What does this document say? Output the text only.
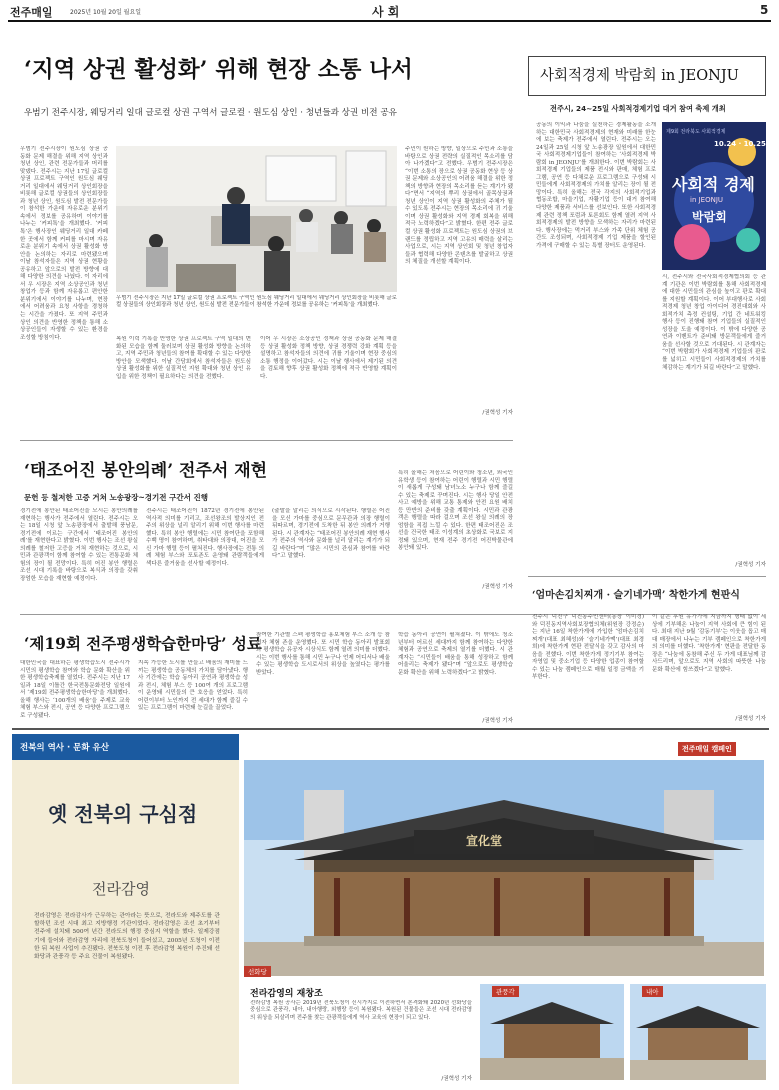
전주매일	2025년 10월 20일 월요일	사 회	5
‘지역 상권 활성화’ 위해 현장 소통 나서
우범기 전주시장, 웨딩거리 일대 글로컬 상권 구역서 글로컬 · 원도심 상인 · 청년들과 상권 비전 공유
우범기 전주시장이 원도심 상권 공동화 문제 해결을 위해 지역 상인과 청년 상인, 관련 전문가들과 머리를 맞댔다. 전주시는 지난 17일 글로컬 상권 프로젝트 구역인 원도심 웨딩거리 일대에서 웨딩거리 상인회장을 비롯해 글로컬 상권들의 상인회장들과 청년 상인, 원도심 발전 전문가들이 참석한 가운데 자유로운 분위기 속에서 정보를 공유하며 이야기를 나누는 ‘커피톡’을 개최했다. ‘커피톡’은 행사장인 웨딩거리 일대 카페 한 곳에서 함께 커피를 마시며 자유로운 분위기 속에서 상권 활성화 방안을 논의하는 자리로 마련됐으며 이날 참석자들은 지역 상권 현황을 공유하고 앞으로의 발전 방향에 대해 다양한 의견을 나눴다. 이 자리에서 우 시장은 지역 소상공인과 청년 창업가 등과 함께 자유롭고 편안한 분위기에서 이야기를 나누며, 현장에서 어려움과 요청 사항을 경청하는 시간을 가졌다. 또 지역 주민과 상인 의견을 반영한 정책을 통해 소상공인들이 자생할 수 있는 환경을 조성할 방침이다.
우범기 전주시장은 지난 17일 글로컬 상권 프로젝트 구역인 원도심 웨딩거리 일대에서 웨딩거리 상인회장을 비롯해 글로컬 상권들의 상인회장과 청년 상인, 원도심 발전 전문가들이 참석한 가운데 정보를 공유하는 ‘커피톡’을 개최했다.
복원 이력 기록을 반영한 상권 프로젝트 구역 일대의 변화된 모습을 함께 둘러보며 상권 활성화 방향을 논의하고, 지역 주민과 청년들의 참여를 확대할 수 있는 다양한 방안을 모색했다. 이날 간담회에서 참석자들은 원도심 상권 활성화를 위한 실질적인 지원 확대와 청년 상인 유입을 위한 정책이 필요하다는 의견을 전했다.
이어 우 시장은 소상공인 정책과 상권 공동화 문제 해결 등 상권 활성화 정책 방향, 상권 경쟁력 강화 계획 등을 설명하고 참석자들의 의견에 귀를 기울이며 현장 중심의 소통 행정을 이어갔다. 시는 이날 행사에서 제기된 의견을 검토해 향후 상권 활성화 정책에 적극 반영할 계획이다.
주민이 원하는 방향, 일상으로 주민과 소통을 바탕으로 상권 전략의 실질적인 목소리를 담아 나가겠다”고 전했다. 우범기 전주시장은 “이번 소통의 장으로 상권 공동화 현상 등 상권 문제와 소상공인의 어려움 해결을 위한 정책의 방향과 현장의 목소리를 듣는 계기가 됐다”면서 “지역의 뿌리 상권에서 골목상권과 청년 상인이 지역 상권 활성화의 주체가 될 수 있도록 전주시는 현장의 목소리에 귀 기울이며 상권 활성화와 지역 경제 회복을 위해 적극 노력하겠다”고 밝혔다. 한편 전주 글로컬 상권 활성화 프로젝트는 원도심 상권의 브랜드를 정립하고 지역 고유의 매력을 살리는 사업으로, 시는 지역 상인회 및 청년 창업자들과 협력해 다양한 콘텐츠를 발굴하고 상권의 체질을 개선할 계획이다.
/권혁성 기자
‘태조어진 봉안의례’ 전주서 재현
문헌 등 철저한 고증 거쳐 노송광장~경기전 구간서 진행
경기전에 봉안된 태조어진을 모시는 봉안의례를 재현하는 행사가 전주에서 열린다. 전주시는 오는 18일 시청 앞 노송광장에서 출발해 풍남문, 경기전에 이르는 구간에서 ‘태조어진 봉안의례’를 재현한다고 밝혔다. 이번 행사는 조선 왕실 의례를 철저한 고증을 거쳐 재현하는 것으로, 시민과 관광객이 함께 참여할 수 있는 전통문화 체험의 장이 될 전망이다. 특히 어진 봉안 행렬은 조선 시대 기록을 바탕으로 복식과 의장을 갖춰 장엄한 모습을 재현할 예정이다.
전주시는 태조어진이 1872년 경기전에 봉안된 역사적 의미를 기리고, 조선왕조의 발상지인 전주의 위상을 널리 알리기 위해 이번 행사를 마련했다. 특히 봉안 행렬에는 시민 참여단을 포함해 수백 명이 참여하며, 취타대와 의장대, 어진을 모신 가마 행렬 등이 펼쳐진다. 행사장에는 전통 의례 체험 부스와 포토존도 운영돼 관람객들에게 색다른 즐거움을 선사할 예정이다.
(출발을 알리는 의식으로 시작된다. 행렬은 어진을 모신 가마를 중심으로 문무관과 의장 행렬이 뒤따르며, 경기전에 도착한 뒤 봉안 의례가 거행된다. 시 관계자는 “태조어진 봉안의례 재현 행사가 전주의 역사와 문화를 널리 알리는 계기가 되길 바란다”며 “많은 시민의 관심과 참여를 바란다”고 말했다.
특히 올해는 처음으로 어린이와 청소년, 외국인 유학생 등이 참여하는 어린이 행렬과 시민 행렬이 새롭게 구성돼 남녀노소 누구나 함께 즐길 수 있는 축제로 꾸며진다. 시는 행사 당일 안전사고 예방을 위해 교통 통제와 안전 요원 배치 등 만반의 준비를 갖출 계획이다. 시민과 관광객은 행렬을 따라 걸으며 조선 왕실 의례의 장엄함을 직접 느낄 수 있다. 한편 태조어진은 조선을 건국한 태조 이성계의 초상화로 국보로 지정돼 있으며, 현재 전주 경기전 어진박물관에 봉안돼 있다.
/권혁성 기자
사회적경제 박람회 in JEONJU
전주시, 24~25일 사회적경제기업 대거 참여 축제 개최
공동의 이익과 나눔을 실천하는 경제활동을 소개하는 대한민국 사회적경제의 현재와 미래를 한눈에 보는 축제가 전주에서 열린다. 전주시는 오는 24일과 25일 시청 앞 노송광장 일원에서 대한민국 사회적경제기업들이 참여하는 ‘사회적경제 박람회 in JEONJU’를 개최한다. 이번 박람회는 사회적경제 기업들의 제품 전시와 판매, 체험 프로그램, 공연 등 다채로운 프로그램으로 구성돼 시민들에게 사회적경제의 가치를 알리는 장이 될 전망이다. 특히 올해는 전국 각지의 사회적기업과 협동조합, 마을기업, 자활기업 등이 대거 참여해 다양한 제품과 서비스를 선보인다. 또한 사회적경제 관련 정책 포럼과 토론회도 함께 열려 지역 사회적경제의 발전 방향을 모색하는 자리가 마련된다. 행사장에는 먹거리 부스와 가족 단위 체험 공간도 조성되며, 사회적경제 기업 제품을 할인된 가격에 구매할 수 있는 특별 장터도 운영된다.
제9회 전라북도 사회적경제
10.24 · 10.25
사회적 경제
in JEONJU
박람회
시, 전주시와 전국사회적경제협의회 등 관계 기관은 이번 박람회를 통해 사회적경제에 대한 시민들의 관심을 높이고 판로 확대를 지원할 계획이다. 이어 부대행사로 사회적경제 청년 창업 아이디어 경진대회와 사회적가치 측정 컨설팅, 기업 간 네트워킹 행사 등이 진행돼 참여 기업들의 실질적인 성장을 도울 예정이다. 이 밖에 다양한 공연과 이벤트가 준비돼 방문객들에게 즐거움을 선사할 것으로 기대된다. 시 관계자는 “이번 박람회가 사회적경제 기업들의 판로를 넓히고 시민들이 사회적경제의 가치를 체감하는 계기가 되길 바란다”고 말했다.
/권혁성 기자
‘엄마손김치찌개 · 슬기네가맥’ 착한가게 현판식
전주시 덕진구 덕진동주민센터(동장 이미경)와 덕진동지역사회보장협의체(위원장 강정순)는 지난 16일 착한가게에 가입한 ‘엄마손김치찌개’(대표 최혜성)와 ‘슬기네가맥’(대표 최경희)에 착한가게 현판 전달식을 갖고 감사의 마음을 전했다. 이번 착한가게 정기기부 참여는 자영업 및 중소기업 등 다양한 업종이 참여할 수 있는 나눔 캠페인으로 매월 일정 금액을 기부한다.
이 같은 후원 유가가에 지금까지 형태 없이 세상에 기부해온 나눔이 지역 사회에 큰 힘이 된다. 최대 지난 9월 ‘감동기부’는 이웃을 돕고 매 대 매장에서 나누는 기부 캠페인으로 착한가게의 의미를 더했다. ‘착한가게’ 현판을 전달한 동장은 “나눔에 동참해 주신 두 가게 대표님께 감사드리며, 앞으로도 지역 사회의 따뜻한 나눔 문화 확산에 힘쓰겠다”고 말했다.
/권혁성 기자
‘제19회 전주평생학습한마당’ 성료
대한민국을 대표하는 평생학습도시 전주시가 시민의 평생학습 참여와 학습 문화 확산을 위한 평생학습축제를 열었다. 전주시는 지난 17일과 18일 이틀간 한국전통문화전당 일원에서 ‘제19회 전주평생학습한마당’을 개최했다. 올해 행사는 ‘100개의 배움’을 주제로 교육 체험 부스와 전시, 공연 등 다양한 프로그램으로 구성됐다.
지속 가능한 도시를 만들고 배움의 재미를 느끼는 평생학습 공동체의 가치를 담아냈다. 행사 기간에는 학습 동아리 공연과 평생학습 성과 전시, 체험 부스 등 100여 개의 프로그램이 운영돼 시민들의 큰 호응을 얻었다. 특히 어린이부터 노인까지 전 세대가 함께 즐길 수 있는 프로그램이 마련돼 눈길을 끌었다.
참여한 기관별 스펙 평생학습 홍보체험 부스 소개 등 참여자 체험 존을 운영했다. 또 시민 학습 동아리 발표회와 평생학습 유공자 시상식도 함께 열려 의미를 더했다. 시는 이번 행사를 통해 시민 누구나 언제 어디서나 배울 수 있는 평생학습 도시로서의 위상을 높였다는 평가를 받았다.
학습 동아리 공연이 펼쳐졌다. 이 밖에도 청소년부터 어르신 세대까지 함께 참여하는 다양한 체험과 공연으로 축제의 열기를 더했다. 시 관계자는 “시민들이 배움을 통해 성장하고 함께 어울리는 축제가 됐다”며 “앞으로도 평생학습 문화 확산을 위해 노력하겠다”고 밝혔다.
/권혁성 기자
전북의 역사 · 문화 유산
옛 전북의 구심점
전라감영
전라감영은 전라감사가 근무하는 관아라는 뜻으로, 전라도와 제주도를 관할하던 조선 시대 최고 지방행정 기관이었다. 전라감영은 조선 초기부터 전주에 설치돼 500여 년간 전라도의 행정 중심지 역할을 했다. 일제강점기에 들어와 전라감영 자리에 전북도청이 들어섰고, 2005년 도청이 이전한 뒤 복원 사업이 추진됐다. 전북도청 이전 후 전라감영 복원이 추진돼 선화당과 관풍각 등 주요 건물이 복원됐다.
전주매일 캠페인
宣化堂
선화당
전라감영의 재창조
전라감영 복원 공사는 2019년 전북도청이 신시가지로 이전하면서 본격화돼 2020년 선화당을 중심으로 관풍각, 내아, 내아행랑, 외행랑 등이 복원됐다. 복원된 건물들은 조선 시대 전라감영의 위상을 되살리며 전주를 찾는 관광객들에게 역사 교육의 현장이 되고 있다.
/권혁성 기자
관풍각	내아
